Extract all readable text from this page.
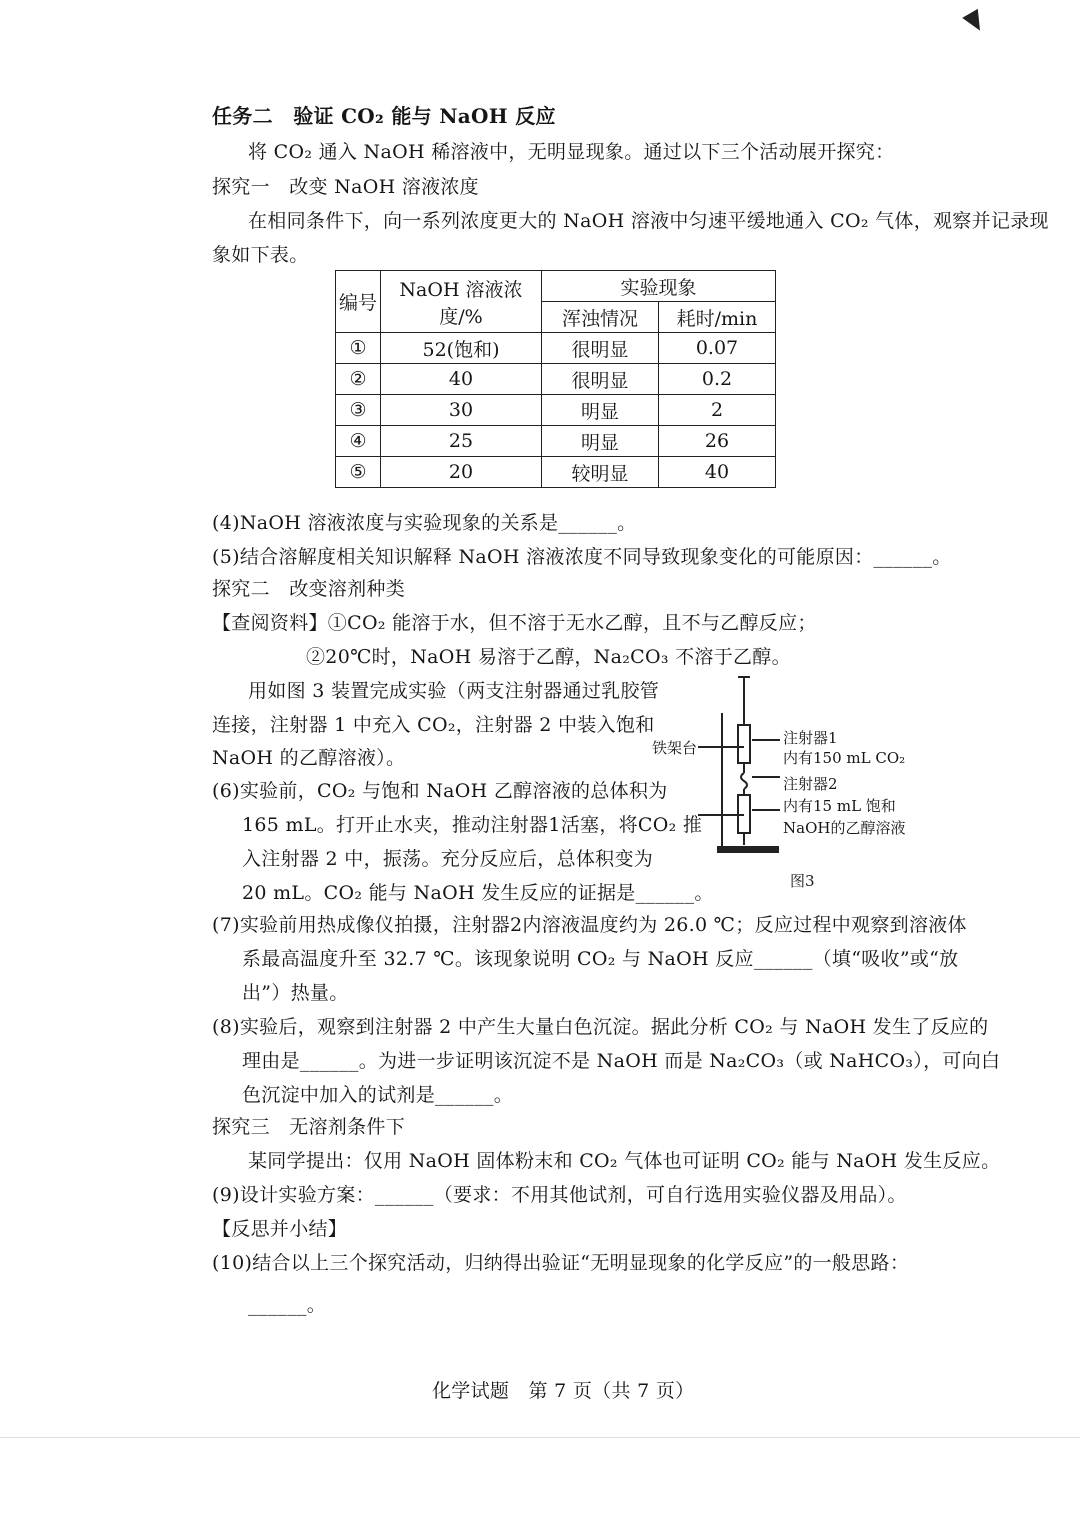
任务二　验证 CO₂ 能与 NaOH 反应
将 CO₂ 通入 NaOH 稀溶液中，无明显现象。通过以下三个活动展开探究：
探究一　改变 NaOH 溶液浓度
在相同条件下，向一系列浓度更大的 NaOH 溶液中匀速平缓地通入 CO₂ 气体，观察并记录现
象如下表。
编号	NaOH 溶液浓度/%	实验现象	
		浑浊情况	耗时/min
①	52(饱和)	很明显	0.07
②	40	很明显	0.2
③	30	明显	2
④	25	明显	26
⑤	20	较明显	40
(4)NaOH 溶液浓度与实验现象的关系是______。
(5)结合溶解度相关知识解释 NaOH 溶液浓度不同导致现象变化的可能原因：______。
探究二　改变溶剂种类
【查阅资料】①CO₂ 能溶于水，但不溶于无水乙醇，且不与乙醇反应；
②20℃时，NaOH 易溶于乙醇，Na₂CO₃ 不溶于乙醇。
用如图 3 装置完成实验（两支注射器通过乳胶管
连接，注射器 1 中充入 CO₂，注射器 2 中装入饱和
NaOH 的乙醇溶液）。
(6)实验前，CO₂ 与饱和 NaOH 乙醇溶液的总体积为
165 mL。打开止水夹，推动注射器1活塞，将CO₂ 推
入注射器 2 中，振荡。充分反应后，总体积变为
20 mL。CO₂ 能与 NaOH 发生反应的证据是______。
铁架台
注射器1
内有150 mL CO₂
注射器2
内有15 mL 饱和
NaOH的乙醇溶液
图3
(7)实验前用热成像仪拍摄，注射器2内溶液温度约为 26.0 ℃；反应过程中观察到溶液体
系最高温度升至 32.7 ℃。该现象说明 CO₂ 与 NaOH 反应______（填“吸收”或“放
出”）热量。
(8)实验后，观察到注射器 2 中产生大量白色沉淀。据此分析 CO₂ 与 NaOH 发生了反应的
理由是______。为进一步证明该沉淀不是 NaOH 而是 Na₂CO₃（或 NaHCO₃），可向白
色沉淀中加入的试剂是______。
探究三　无溶剂条件下
某同学提出：仅用 NaOH 固体粉末和 CO₂ 气体也可证明 CO₂ 能与 NaOH 发生反应。
(9)设计实验方案：______（要求：不用其他试剂，可自行选用实验仪器及用品）。
【反思并小结】
(10)结合以上三个探究活动，归纳得出验证“无明显现象的化学反应”的一般思路：
______。
化学试题　第 7 页（共 7 页）
